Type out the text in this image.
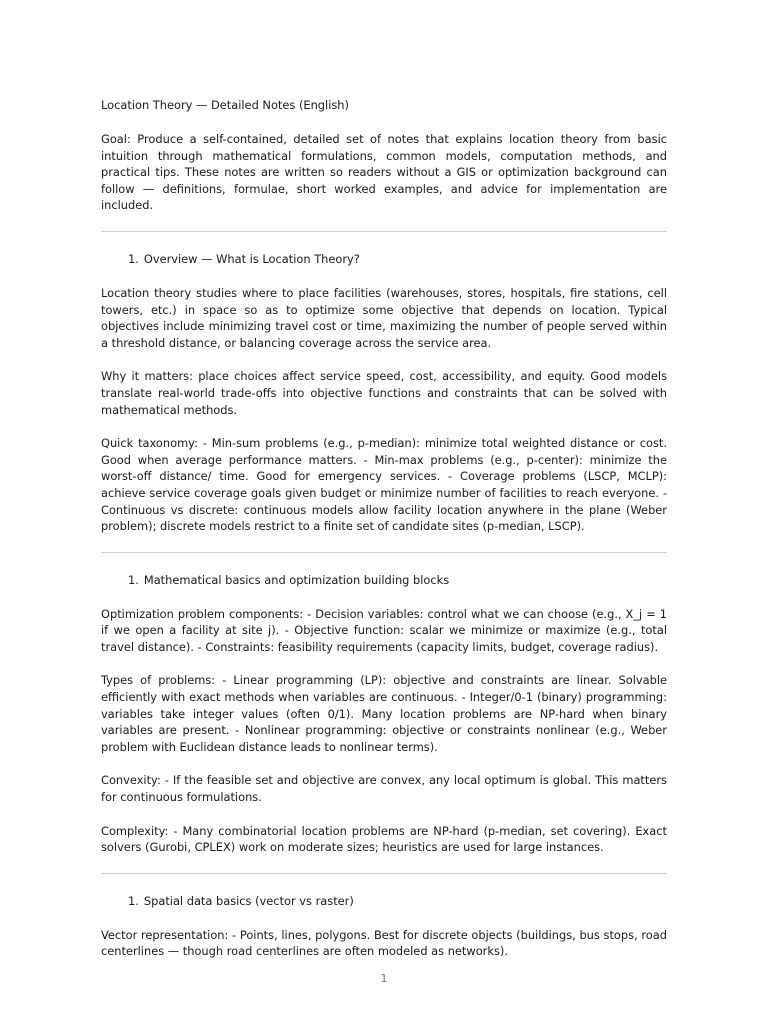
Location Theory — Detailed Notes (English)

Goal: Produce a self-contained, detailed set of notes that explains location theory from basic intuition through mathematical formulations, common models, computation methods, and practical tips. These notes are written so readers without a GIS or optimization background can follow — definitions, formulae, short worked examples, and advice for implementation are included.

1. Overview — What is Location Theory?

Location theory studies where to place facilities (warehouses, stores, hospitals, fire stations, cell towers, etc.) in space so as to optimize some objective that depends on location. Typical objectives include minimizing travel cost or time, maximizing the number of people served within a threshold distance, or balancing coverage across the service area.

Why it matters: place choices affect service speed, cost, accessibility, and equity. Good models translate real-world trade-offs into objective functions and constraints that can be solved with mathematical methods.

Quick taxonomy: - Min-sum problems (e.g., p-median): minimize total weighted distance or cost. Good when average performance matters. - Min-max problems (e.g., p-center): minimize the worst-off distance/ time. Good for emergency services. - Coverage problems (LSCP, MCLP): achieve service coverage goals given budget or minimize number of facilities to reach everyone. - Continuous vs discrete: continuous models allow facility location anywhere in the plane (Weber problem); discrete models restrict to a finite set of candidate sites (p-median, LSCP).

1. Mathematical basics and optimization building blocks

Optimization problem components: - Decision variables: control what we can choose (e.g., X_j = 1 if we open a facility at site j). - Objective function: scalar we minimize or maximize (e.g., total travel distance). - Constraints: feasibility requirements (capacity limits, budget, coverage radius).

Types of problems: - Linear programming (LP): objective and constraints are linear. Solvable efficiently with exact methods when variables are continuous. - Integer/0-1 (binary) programming: variables take integer values (often 0/1). Many location problems are NP-hard when binary variables are present. - Nonlinear programming: objective or constraints nonlinear (e.g., Weber problem with Euclidean distance leads to nonlinear terms).

Convexity: - If the feasible set and objective are convex, any local optimum is global. This matters for continuous formulations.

Complexity: - Many combinatorial location problems are NP-hard (p-median, set covering). Exact solvers (Gurobi, CPLEX) work on moderate sizes; heuristics are used for large instances.

1. Spatial data basics (vector vs raster)

Vector representation: - Points, lines, polygons. Best for discrete objects (buildings, bus stops, road centerlines — though road centerlines are often modeled as networks).

1
